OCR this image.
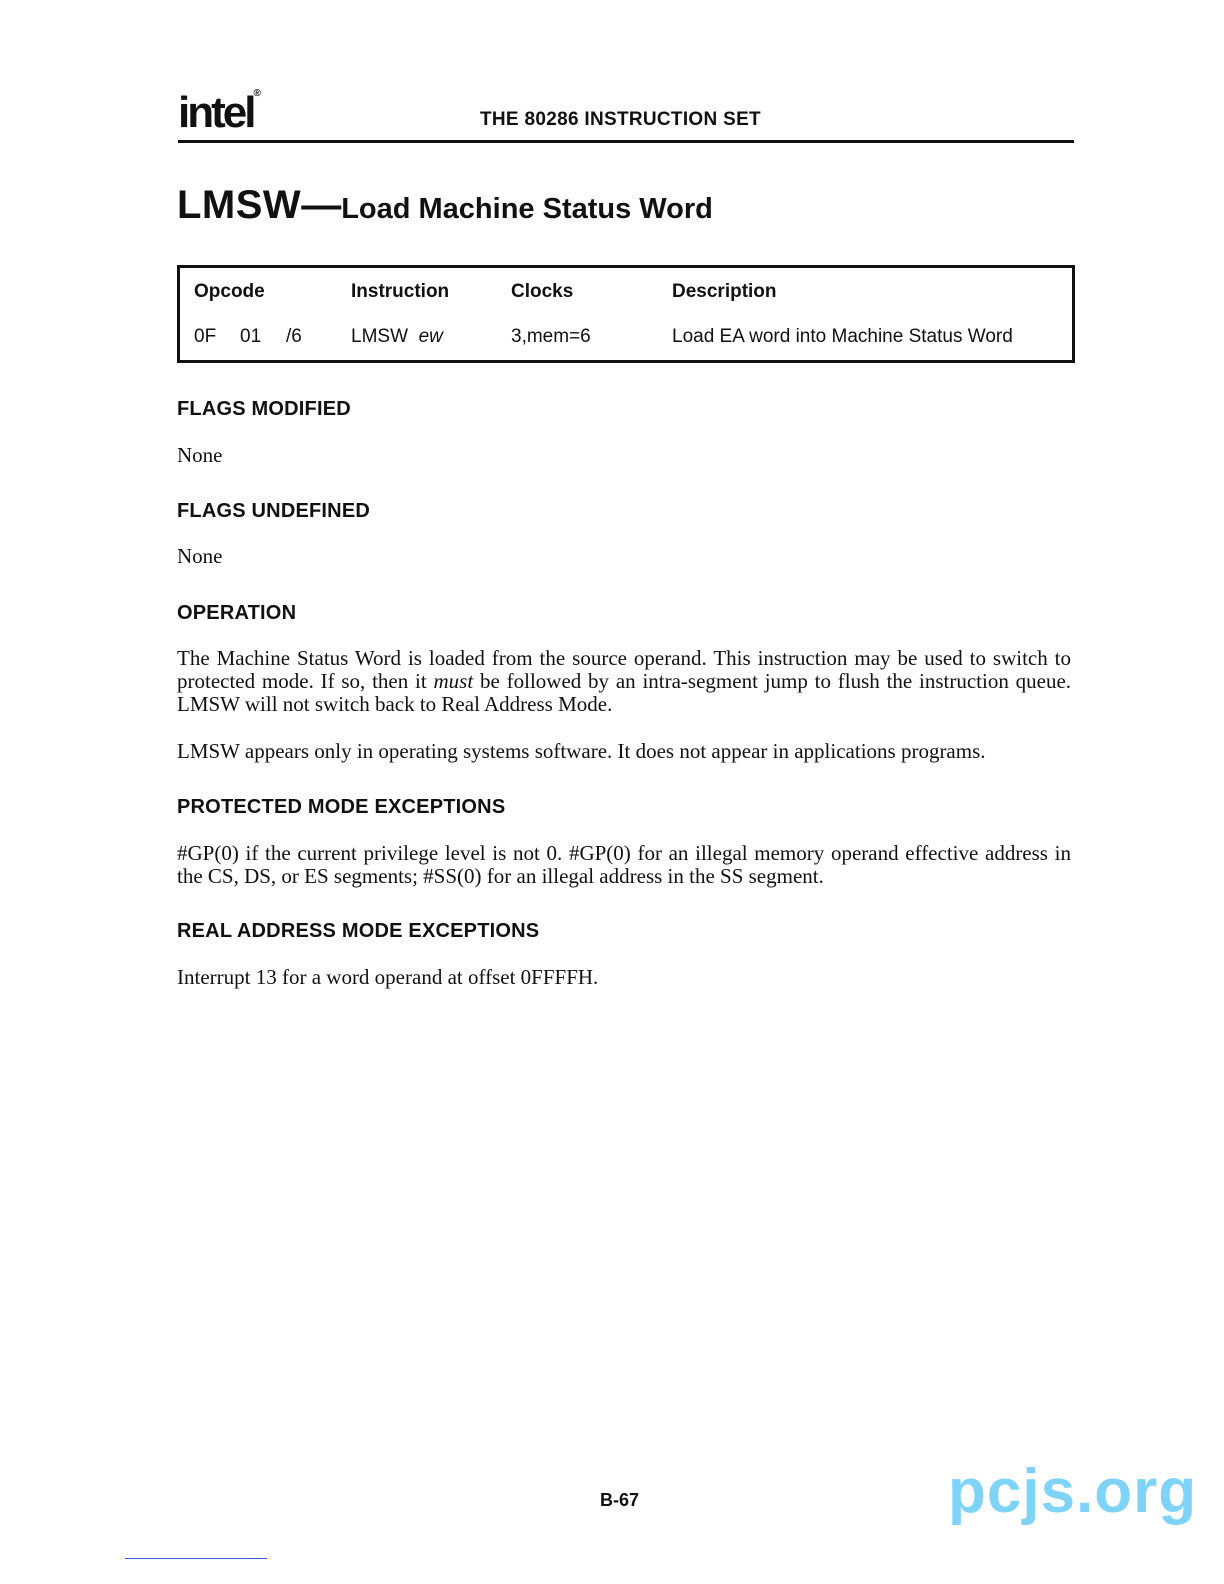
intel®
THE 80286 INSTRUCTION SET
LMSW—Load Machine Status Word
Opcode	Instruction	Clocks	Description
0F 01 /6	LMSW ew	3,mem=6	Load EA word into Machine Status Word
FLAGS MODIFIED
None
FLAGS UNDEFINED
None
OPERATION
The Machine Status Word is loaded from the source operand. This instruction may be used to switch to protected mode. If so, then it must be followed by an intra-segment jump to flush the instruction queue. LMSW will not switch back to Real Address Mode.
LMSW appears only in operating systems software. It does not appear in applications programs.
PROTECTED MODE EXCEPTIONS
#GP(0) if the current privilege level is not 0. #GP(0) for an illegal memory operand effective address in the CS, DS, or ES segments; #SS(0) for an illegal address in the SS segment.
REAL ADDRESS MODE EXCEPTIONS
Interrupt 13 for a word operand at offset 0FFFFH.
B-67	pcjs.org
